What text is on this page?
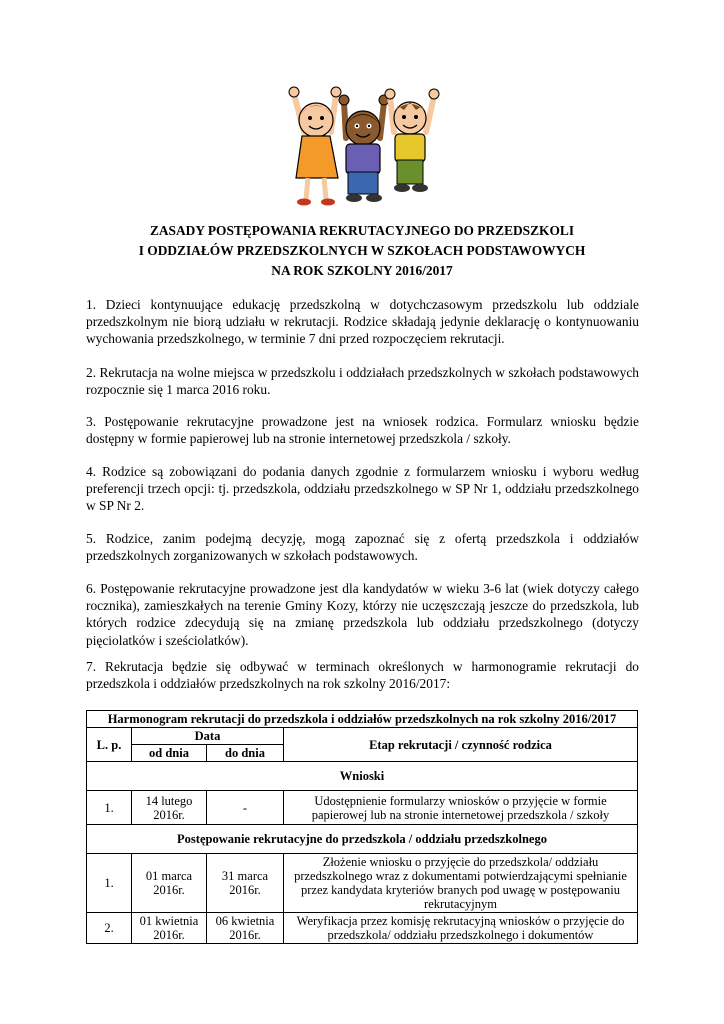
ZASADY POSTĘPOWANIA REKRUTACYJNEGO DO PRZEDSZKOLI
I ODDZIAŁÓW PRZEDSZKOLNYCH W SZKOŁACH PODSTAWOWYCH
NA ROK SZKOLNY 2016/2017

1. Dzieci kontynuujące edukację przedszkolną w dotychczasowym przedszkolu lub oddziale przedszkolnym nie biorą udziału w rekrutacji. Rodzice składają jedynie deklarację o kontynuowaniu wychowania przedszkolnego, w terminie 7 dni przed rozpoczęciem rekrutacji.

2. Rekrutacja na wolne miejsca w przedszkolu i oddziałach przedszkolnych w szkołach podstawowych rozpocznie się 1 marca 2016 roku.

3. Postępowanie rekrutacyjne prowadzone jest na wniosek rodzica. Formularz wniosku będzie dostępny w formie papierowej lub na stronie internetowej przedszkola / szkoły.

4. Rodzice są zobowiązani do podania danych zgodnie z formularzem wniosku i wyboru według preferencji trzech opcji: tj. przedszkola, oddziału przedszkolnego w SP Nr 1, oddziału przedszkolnego w SP Nr 2.

5. Rodzice, zanim podejmą decyzję, mogą zapoznać się z ofertą przedszkola i oddziałów przedszkolnych zorganizowanych w szkołach podstawowych.

6. Postępowanie rekrutacyjne prowadzone jest dla kandydatów w wieku 3-6 lat (wiek dotyczy całego rocznika), zamieszkałych na terenie Gminy Kozy, którzy nie uczęszczają jeszcze do przedszkola, lub których rodzice zdecydują się na zmianę przedszkola lub oddziału przedszkolnego (dotyczy pięciolatków i sześciolatków).

7. Rekrutacja będzie się odbywać w terminach określonych w harmonogramie rekrutacji do przedszkola i oddziałów przedszkolnych na rok szkolny 2016/2017:

Harmonogram rekrutacji do przedszkola i oddziałów przedszkolnych na rok szkolny 2016/2017			
L. p.	Data		Etap rekrutacji / czynność rodzica
	od dnia	do dnia	
Wnioski			
1.	14 lutego 2016r.	-	Udostępnienie formularzy wniosków o przyjęcie w formie papierowej lub na stronie internetowej przedszkola / szkoły
Postępowanie rekrutacyjne do przedszkola / oddziału przedszkolnego			
1.	01 marca 2016r.	31 marca 2016r.	Złożenie wniosku o przyjęcie do przedszkola/ oddziału przedszkolnego wraz z dokumentami potwierdzającymi spełnianie przez kandydata kryteriów branych pod uwagę w postępowaniu rekrutacyjnym
2.	01 kwietnia 2016r.	06 kwietnia 2016r.	Weryfikacja przez komisję rekrutacyjną wniosków o przyjęcie do przedszkola/ oddziału przedszkolnego i dokumentów
